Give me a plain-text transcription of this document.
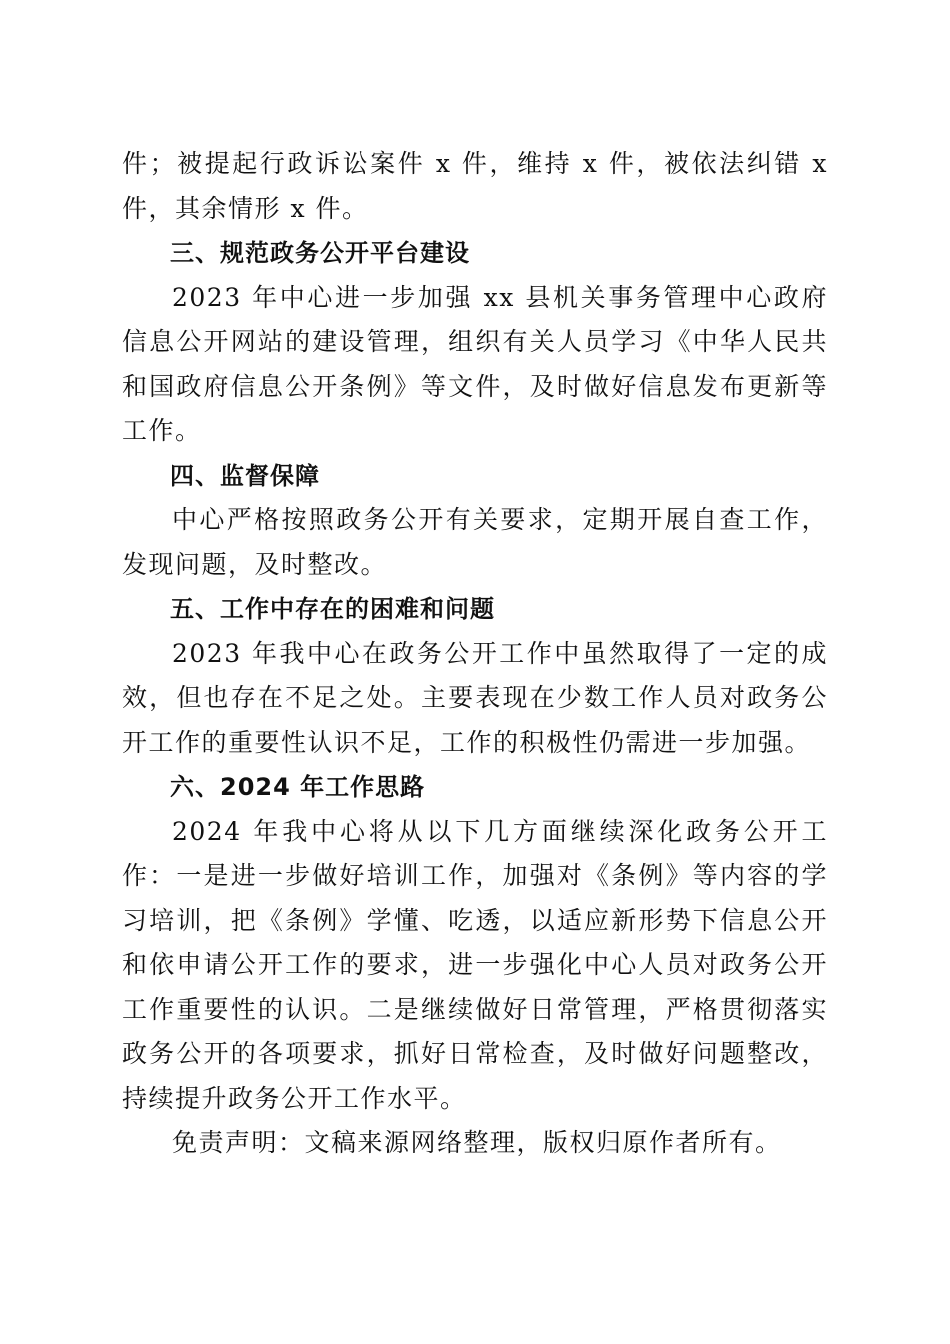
件；被提起行政诉讼案件 x 件，维持 x 件，被依法纠错 x 件，其余情形 x 件。

三、规范政务公开平台建设

2023 年中心进一步加强 xx 县机关事务管理中心政府信息公开网站的建设管理，组织有关人员学习《中华人民共和国政府信息公开条例》等文件，及时做好信息发布更新等工作。

四、监督保障

中心严格按照政务公开有关要求，定期开展自查工作，发现问题，及时整改。

五、工作中存在的困难和问题

2023 年我中心在政务公开工作中虽然取得了一定的成效，但也存在不足之处。主要表现在少数工作人员对政务公开工作的重要性认识不足，工作的积极性仍需进一步加强。

六、2024 年工作思路

2024 年我中心将从以下几方面继续深化政务公开工作：一是进一步做好培训工作，加强对《条例》等内容的学习培训，把《条例》学懂、吃透，以适应新形势下信息公开和依申请公开工作的要求，进一步强化中心人员对政务公开工作重要性的认识。二是继续做好日常管理，严格贯彻落实政务公开的各项要求，抓好日常检查，及时做好问题整改，持续提升政务公开工作水平。

免责声明：文稿来源网络整理，版权归原作者所有。
